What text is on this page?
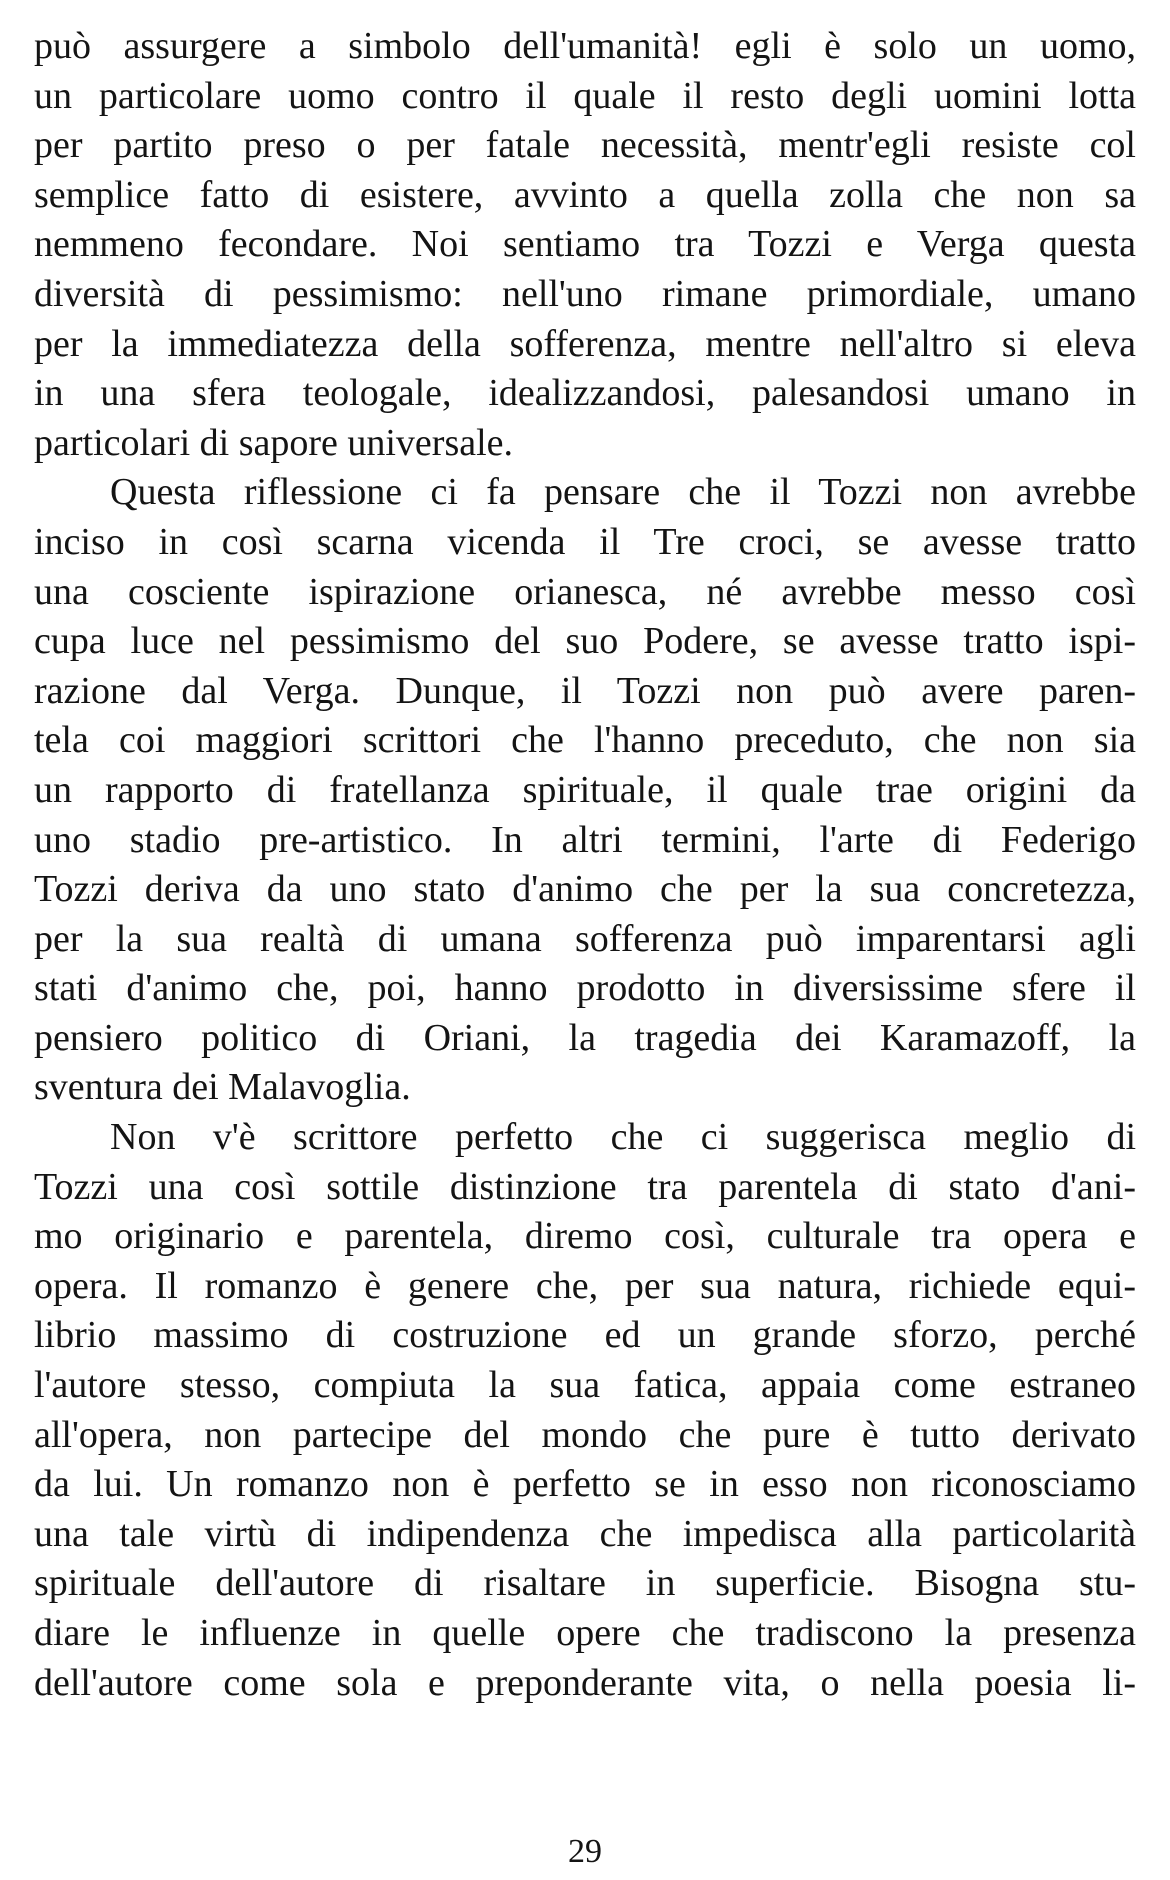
può assurgere a simbolo dell'umanità! egli è solo un uomo,
un particolare uomo contro il quale il resto degli uomini lotta
per partito preso o per fatale necessità, mentr'egli resiste col
semplice fatto di esistere, avvinto a quella zolla che non sa
nemmeno fecondare. Noi sentiamo tra Tozzi e Verga questa
diversità di pessimismo: nell'uno rimane primordiale, umano
per la immediatezza della sofferenza, mentre nell'altro si eleva
in una sfera teologale, idealizzandosi, palesandosi umano in
particolari di sapore universale.

Questa riflessione ci fa pensare che il Tozzi non avrebbe
inciso in così scarna vicenda il Tre croci, se avesse tratto
una cosciente ispirazione orianesca, né avrebbe messo così
cupa luce nel pessimismo del suo Podere, se avesse tratto ispi-
razione dal Verga. Dunque, il Tozzi non può avere paren-
tela coi maggiori scrittori che l'hanno preceduto, che non sia
un rapporto di fratellanza spirituale, il quale trae origini da
uno stadio pre-artistico. In altri termini, l'arte di Federigo
Tozzi deriva da uno stato d'animo che per la sua concretezza,
per la sua realtà di umana sofferenza può imparentarsi agli
stati d'animo che, poi, hanno prodotto in diversissime sfere il
pensiero politico di Oriani, la tragedia dei Karamazoff, la
sventura dei Malavoglia.

Non v'è scrittore perfetto che ci suggerisca meglio di
Tozzi una così sottile distinzione tra parentela di stato d'ani-
mo originario e parentela, diremo così, culturale tra opera e
opera. Il romanzo è genere che, per sua natura, richiede equi-
librio massimo di costruzione ed un grande sforzo, perché
l'autore stesso, compiuta la sua fatica, appaia come estraneo
all'opera, non partecipe del mondo che pure è tutto derivato
da lui. Un romanzo non è perfetto se in esso non riconosciamo
una tale virtù di indipendenza che impedisca alla particolarità
spirituale dell'autore di risaltare in superficie. Bisogna stu-
diare le influenze in quelle opere che tradiscono la presenza
dell'autore come sola e preponderante vita, o nella poesia li-

29
